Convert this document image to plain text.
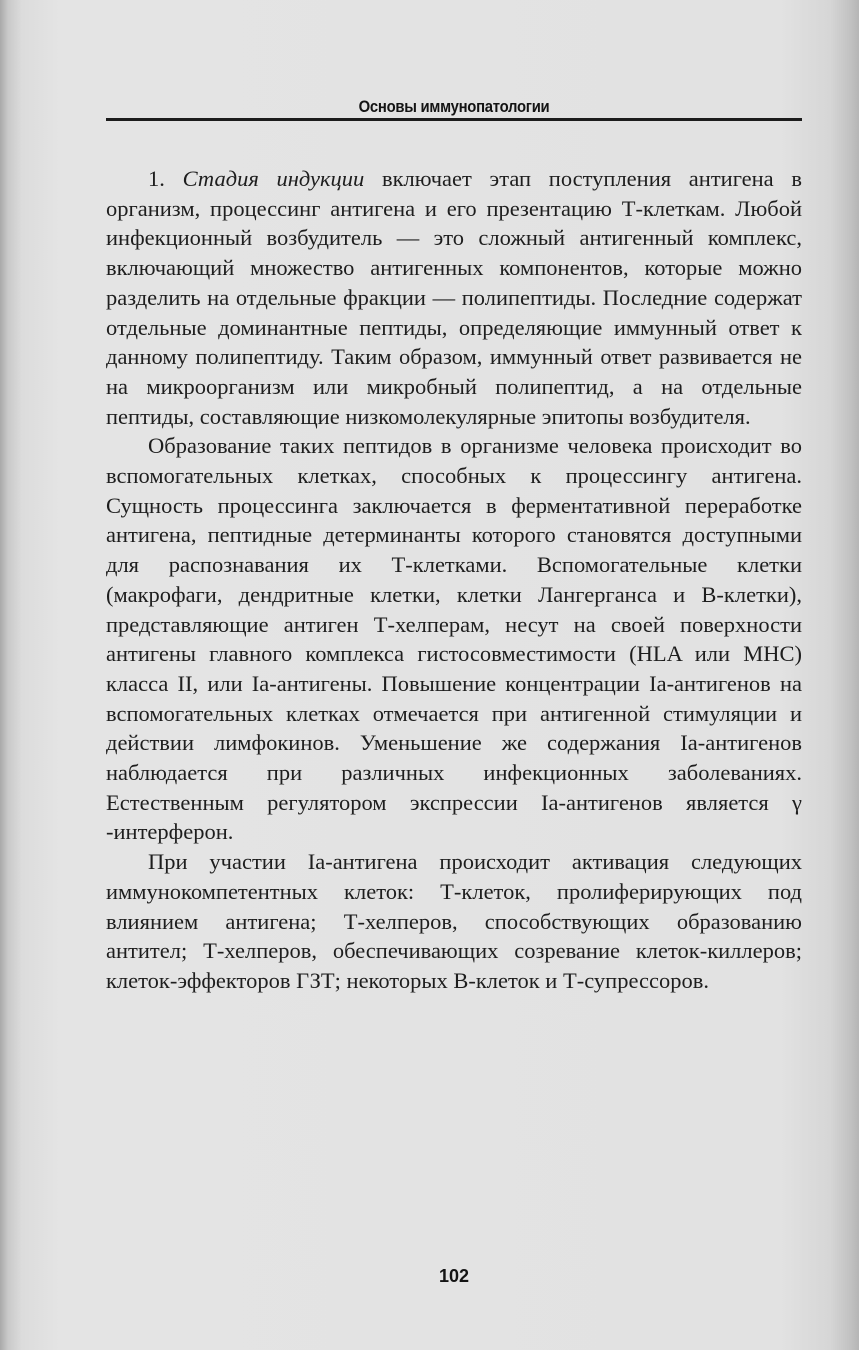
Основы иммунопатологии

1. Стадия индукции включает этап поступления антигена в организм, процессинг антигена и его презентацию Т-клеткам. Любой инфекционный возбудитель — это сложный антигенный комплекс, включающий множество антигенных компонентов, которые можно разделить на отдельные фракции — полипептиды. Последние содержат отдельные доминантные пептиды, определяющие иммунный ответ к данному полипептиду. Таким образом, иммунный ответ развивается не на микроорганизм или микробный полипептид, а на отдельные пептиды, составляющие низкомолекулярные эпитопы возбудителя.

Образование таких пептидов в организме человека происходит во вспомогательных клетках, способных к процессингу антигена. Сущность процессинга заключается в ферментативной переработке антигена, пептидные детерминанты которого становятся доступными для распознавания их Т-клетками. Вспомогательные клетки (макрофаги, дендритные клетки, клетки Лангерганса и В-клетки), представляющие антиген Т-хелперам, несут на своей поверхности антигены главного комплекса гистосовместимости (HLA или МНС) класса II, или Iа-антигены. Повышение концентрации Iа-антигенов на вспомогательных клетках отмечается при антигенной стимуляции и действии лимфокинов. Уменьшение же содержания Iа-антигенов наблюдается при различных инфекционных заболеваниях. Естественным регулятором экспрессии Iа-антигенов является γ -интерферон.

При участии Iа-антигена происходит активация следующих иммунокомпетентных клеток: Т-клеток, пролиферирующих под влиянием антигена; Т-хелперов, способствующих образованию антител; Т-хелперов, обеспечивающих созревание клеток-киллеров; клеток-эффекторов ГЗТ; некоторых В-клеток и Т-супрессоров.

102
